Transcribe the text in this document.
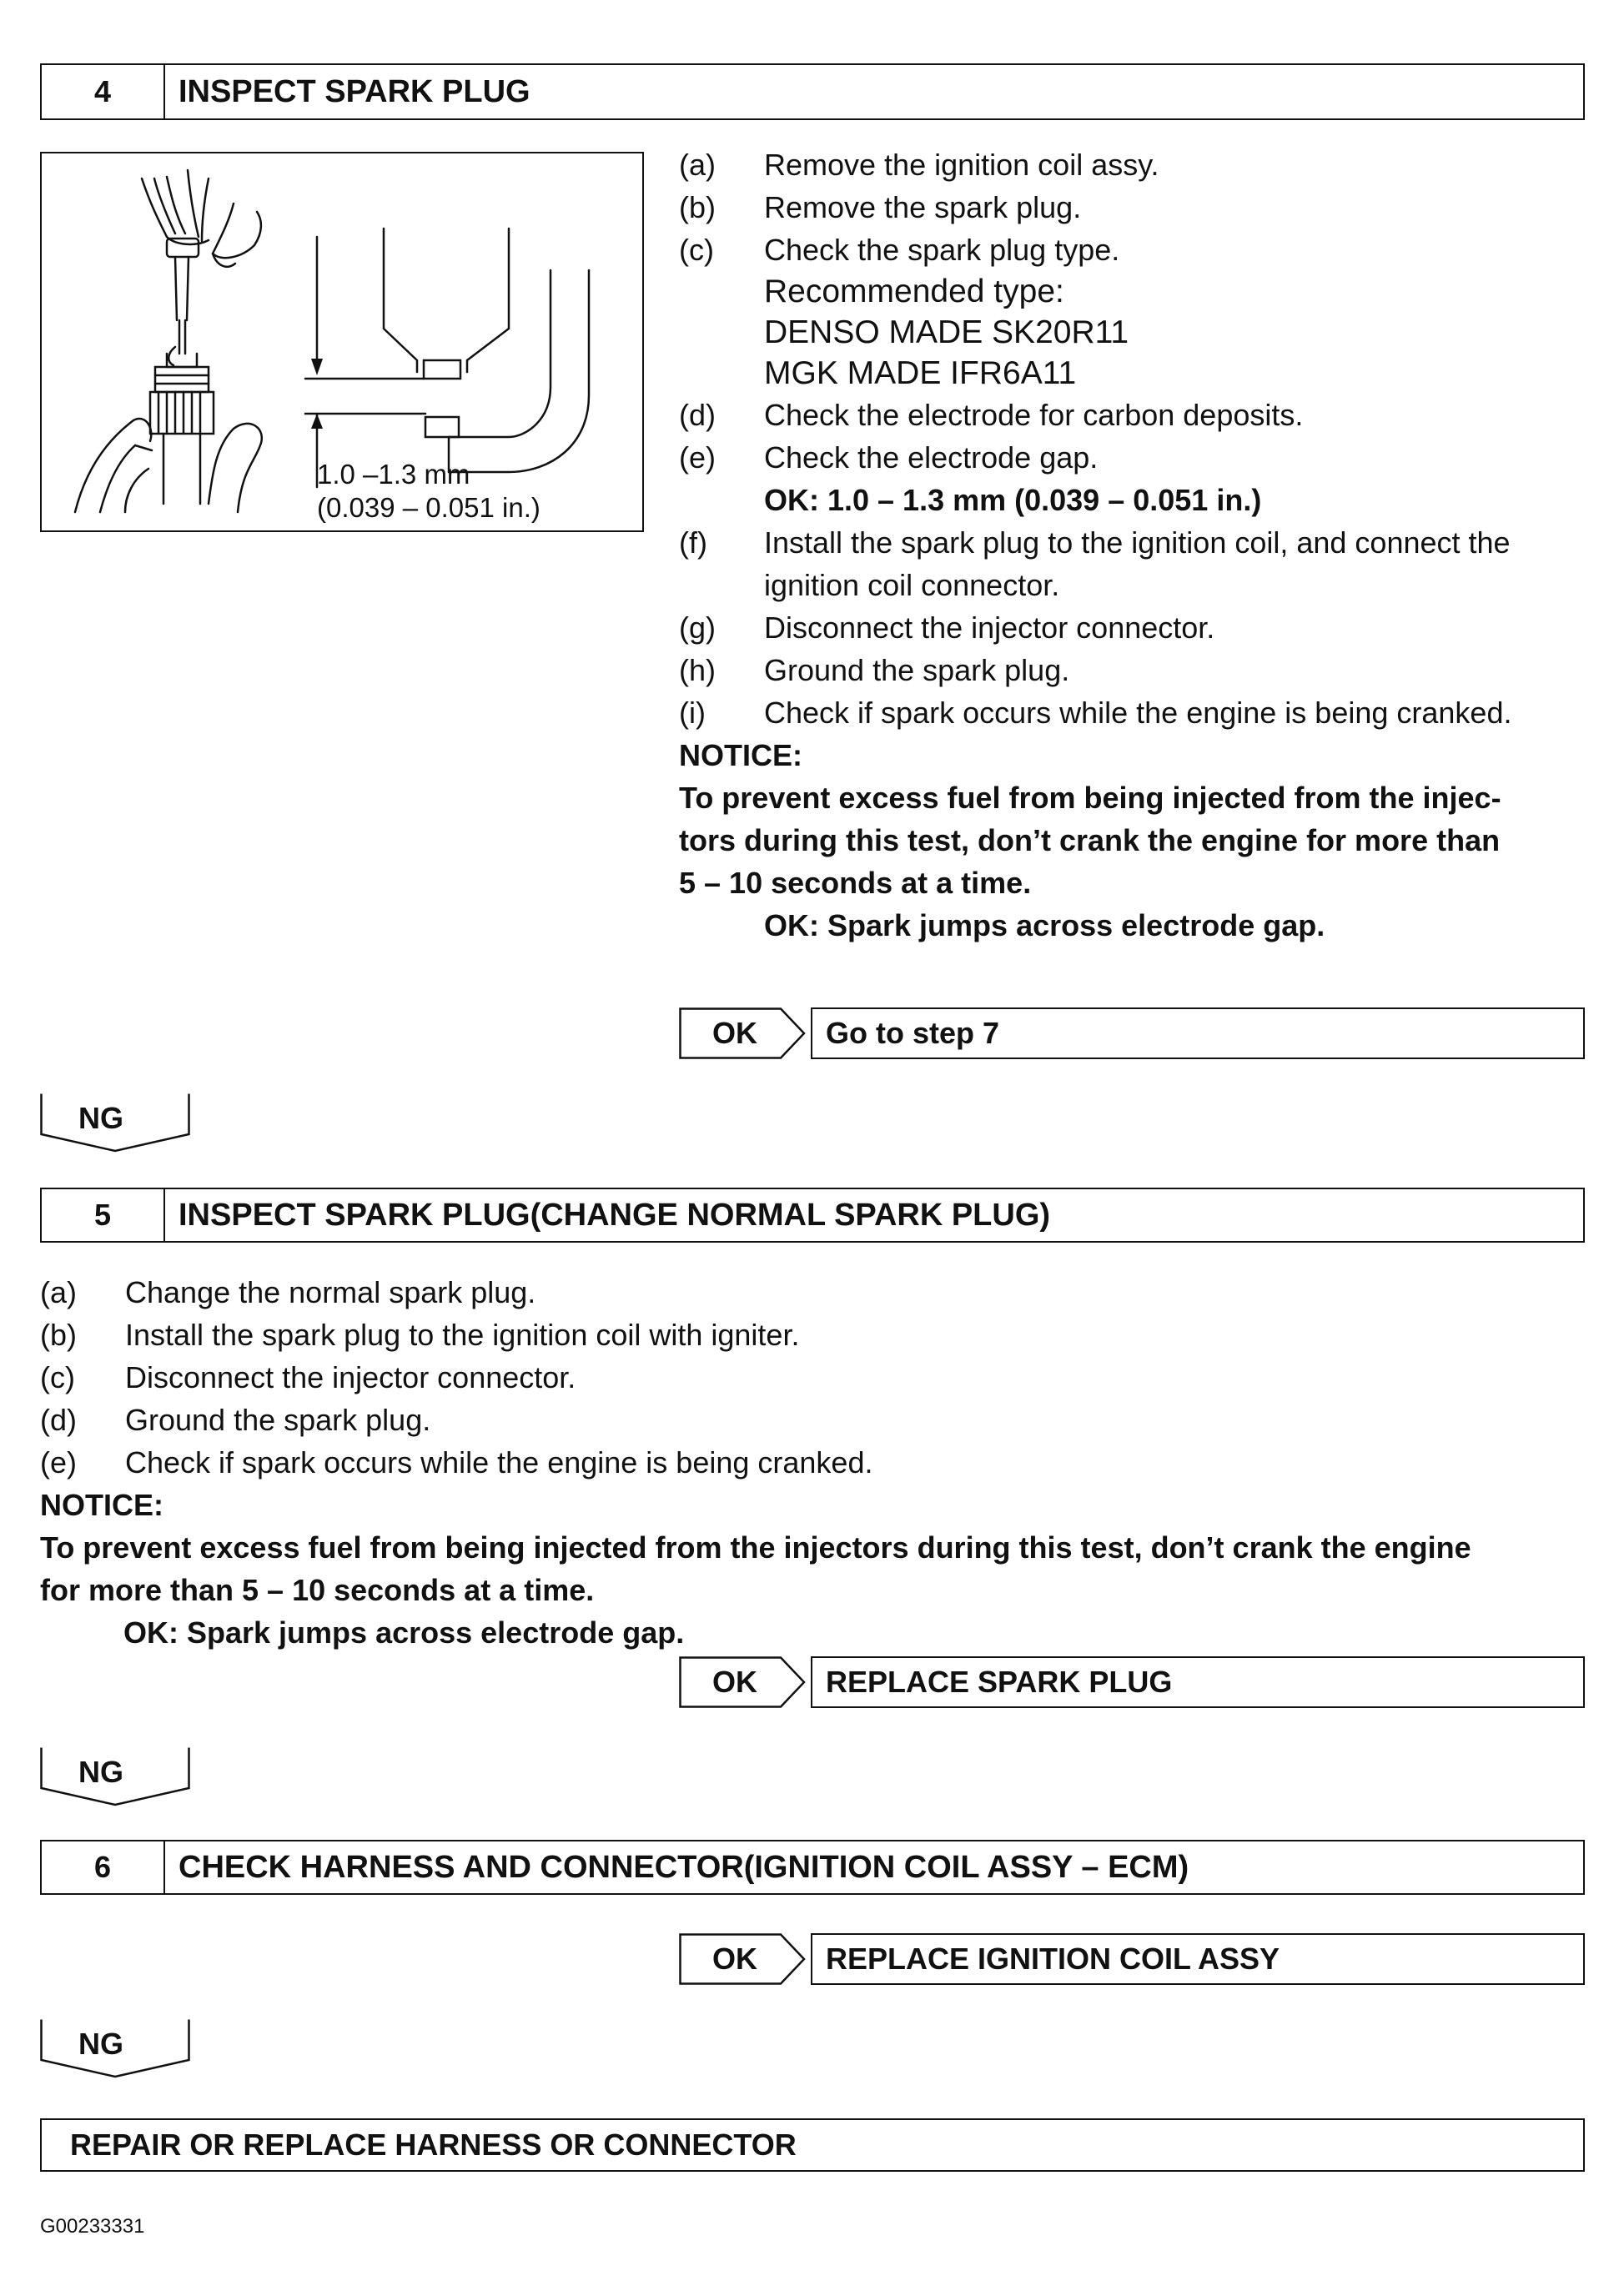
4	INSPECT SPARK PLUG
1.0 –1.3 mm
(0.039 – 0.051 in.)
(a)	Remove the ignition coil assy.
(b)	Remove the spark plug.
(c)	Check the spark plug type.
Recommended type:
DENSO MADE SK20R11
MGK MADE IFR6A11
(d)	Check the electrode for carbon deposits.
(e)	Check the electrode gap.
OK: 1.0 – 1.3 mm (0.039 – 0.051 in.)
(f)	Install the spark plug to the ignition coil, and connect the
ignition coil connector.
(g)	Disconnect the injector connector.
(h)	Ground the spark plug.
(i)	Check if spark occurs while the engine is being cranked.
NOTICE:
To prevent excess fuel from being injected from the injec-
tors during this test, don’t crank the engine for more than
5 – 10 seconds at a time.
OK: Spark jumps across electrode gap.
OK	Go to step 7
NG
5	INSPECT SPARK PLUG(CHANGE NORMAL SPARK PLUG)
(a)	Change the normal spark plug.
(b)	Install the spark plug to the ignition coil with igniter.
(c)	Disconnect the injector connector.
(d)	Ground the spark plug.
(e)	Check if spark occurs while the engine is being cranked.
NOTICE:
To prevent excess fuel from being injected from the injectors during this test, don’t crank the engine
for more than 5 – 10 seconds at a time.
OK: Spark jumps across electrode gap.
OK	REPLACE SPARK PLUG
NG
6	CHECK HARNESS AND CONNECTOR(IGNITION COIL ASSY – ECM)
OK	REPLACE IGNITION COIL ASSY
NG
REPAIR OR REPLACE HARNESS OR CONNECTOR
G00233331
